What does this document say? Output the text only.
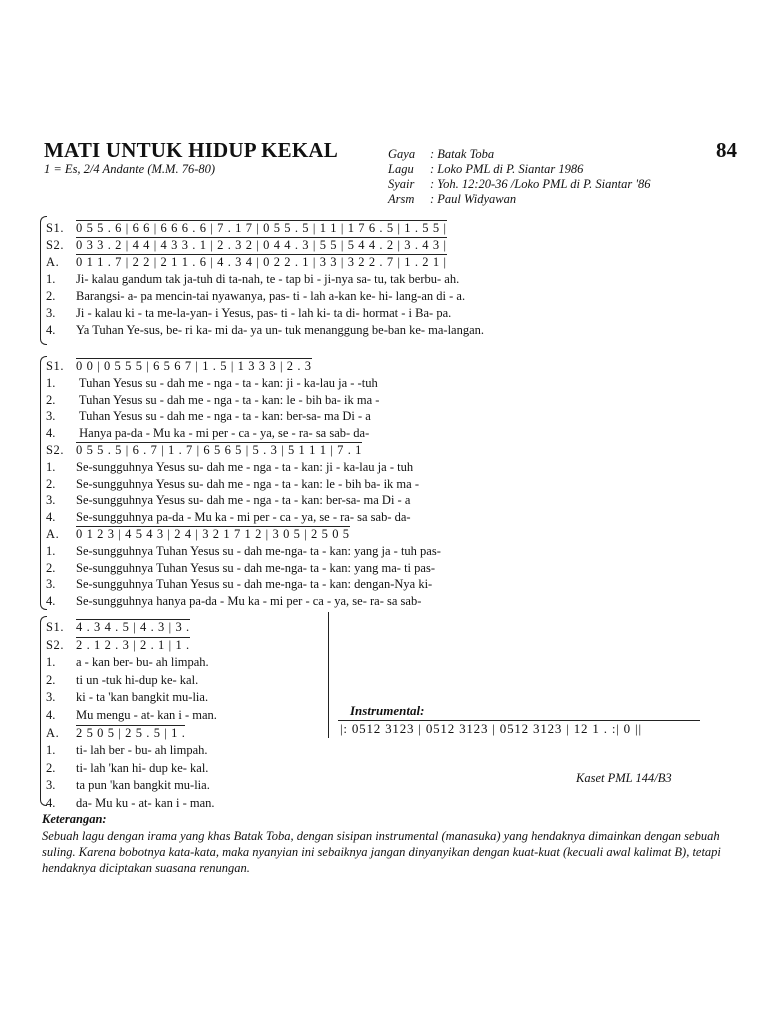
MATI UNTUK HIDUP KEKAL
1 = Es, 2/4 Andante (M.M. 76-80)
84
Gaya : Batak Toba
Lagu : Loko PML di P. Siantar 1986
Syair : Yoh. 12:20-36 /Loko PML di P. Siantar '86
Arsm : Paul Widyawan
S1. 0 5 5 . 6 | 6 6 | 6 6 6 . 6 | 7 . 1 7 | 0 5 5 . 5 | 1 1 | 1 7 6 . 5 | 1 . 5 5 |
S2. 0 3 3 . 2 | 4 4 | 4 3 3 . 1 | 2 . 3 2 | 0 4 4 . 3 | 5 5 | 5 4 4 . 2 | 3 . 4 3 |
A. 0 1 1 . 7 | 2 2 | 2 1 1 . 6 | 4 . 3 4 | 0 2 2 . 1 | 3 3 | 3 2 2 . 7 | 1 . 2 1 |
1. Ji- kalau gandum tak ja-tuh di ta-nah, te - tap bi - ji-nya sa- tu, tak berbu- ah.
2. Barangsi- a- pa mencin-tai nyawanya, pas- ti - lah a-kan ke- hi- lang-an di - a.
3. Ji - kalau ki - ta me-la-yan- i Yesus, pas- ti - lah ki- ta di- hormat - i Ba- pa.
4. Ya Tuhan Ye-sus, be- ri ka- mi da- ya un- tuk menanggung be-ban ke- ma-langan.
S1. 0 0 | 0 5 5 5 | 6 5 6 7 | 1 . 5 | 1 3 3 3 | 2 . 3
1. Tuhan Yesus su - dah me - nga - ta - kan: ji - ka-lau ja - -tuh
2. Tuhan Yesus su - dah me - nga - ta - kan: le - bih ba- ik ma -
3. Tuhan Yesus su - dah me - nga - ta - kan: ber-sa- ma Di - a
4. Hanya pa-da - Mu ka - mi per - ca - ya, se - ra- sa sab- da-
S2. 0 5 5 . 5 | 6 . 7 | 1 . 7 | 6 5 6 5 | 5 . 3 | 5 1 1 1 | 7 . 1
1. Se-sungguhnya Yesus su- dah me - nga - ta - kan: ji - ka-lau ja - tuh
2. Se-sungguhnya Yesus su- dah me - nga - ta - kan: le - bih ba- ik ma -
3. Se-sungguhnya Yesus su- dah me - nga - ta - kan: ber-sa- ma Di - a
4. Se-sungguhnya pa-da - Mu ka - mi per - ca - ya, se - ra- sa sab- da-
A. 0 1 2 3 | 4 5 4 3 | 2 4 | 3 2 1 7 1 2 | 3 0 5 | 2 5 0 5
1. Se-sungguhnya Tuhan Yesus su - dah me-nga- ta - kan: yang ja - tuh pas-
2. Se-sungguhnya Tuhan Yesus su - dah me-nga- ta - kan: yang ma- ti pas-
3. Se-sungguhnya Tuhan Yesus su - dah me-nga- ta - kan: dengan-Nya ki-
4. Se-sungguhnya hanya pa-da - Mu ka - mi per - ca - ya, se- ra- sa sab-
S1. 4 . 3 4 . 5 | 4 . 3 | 3 .
S2. 2 . 1 2 . 3 | 2 . 1 | 1 .
1. a - kan ber- bu- ah limpah.
2. ti un -tuk hi-dup ke- kal.
3. ki - ta 'kan bangkit mu-lia.
4. Mu mengu - at- kan i - man.
A. 2 5 0 5 | 2 5 . 5 | 1 .
1. ti- lah ber - bu- ah limpah.
2. ti- lah 'kan hi- dup ke- kal.
3. ta pun 'kan bangkit mu-lia.
4. da- Mu ku - at- kan i - man.
Instrumental:
|: 0512 3123 | 0512 3123 | 0512 3123 | 12 1 . :| 0 ||
Kaset PML 144/B3
Keterangan:
Sebuah lagu dengan irama yang khas Batak Toba, dengan sisipan instrumental (manasuka) yang hendaknya dimainkan dengan sebuah suling. Karena bobotnya kata-kata, maka nyanyian ini sebaiknya jangan dinyanyikan dengan kuat-kuat (kecuali awal kalimat B), tetapi hendaknya diciptakan suasana renungan.
